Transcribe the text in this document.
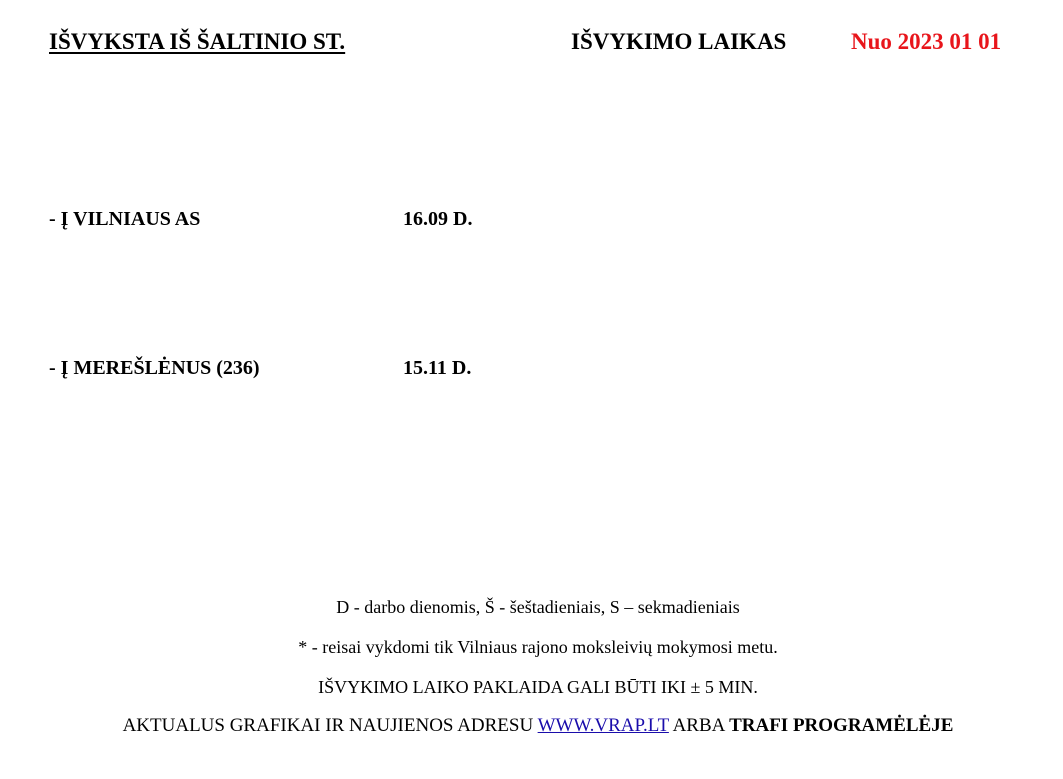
IŠVYKSTA IŠ ŠALTINIO ST.	IŠVYKIMO LAIKAS	Nuo 2023 01 01
- Į VILNIAUS AS	16.09 D.
- Į MEREŠLĖNUS (236)	15.11 D.
D - darbo dienomis, Š - šeštadieniais, S – sekmadieniais
* - reisai vykdomi tik Vilniaus rajono moksleivių mokymosi metu.
IŠVYKIMO LAIKO PAKLAIDA GALI BŪTI IKI ± 5 MIN.
AKTUALUS GRAFIKAI IR NAUJIENOS ADRESU WWW.VRAP.LT ARBA TRAFI PROGRAMĖLĖJE
